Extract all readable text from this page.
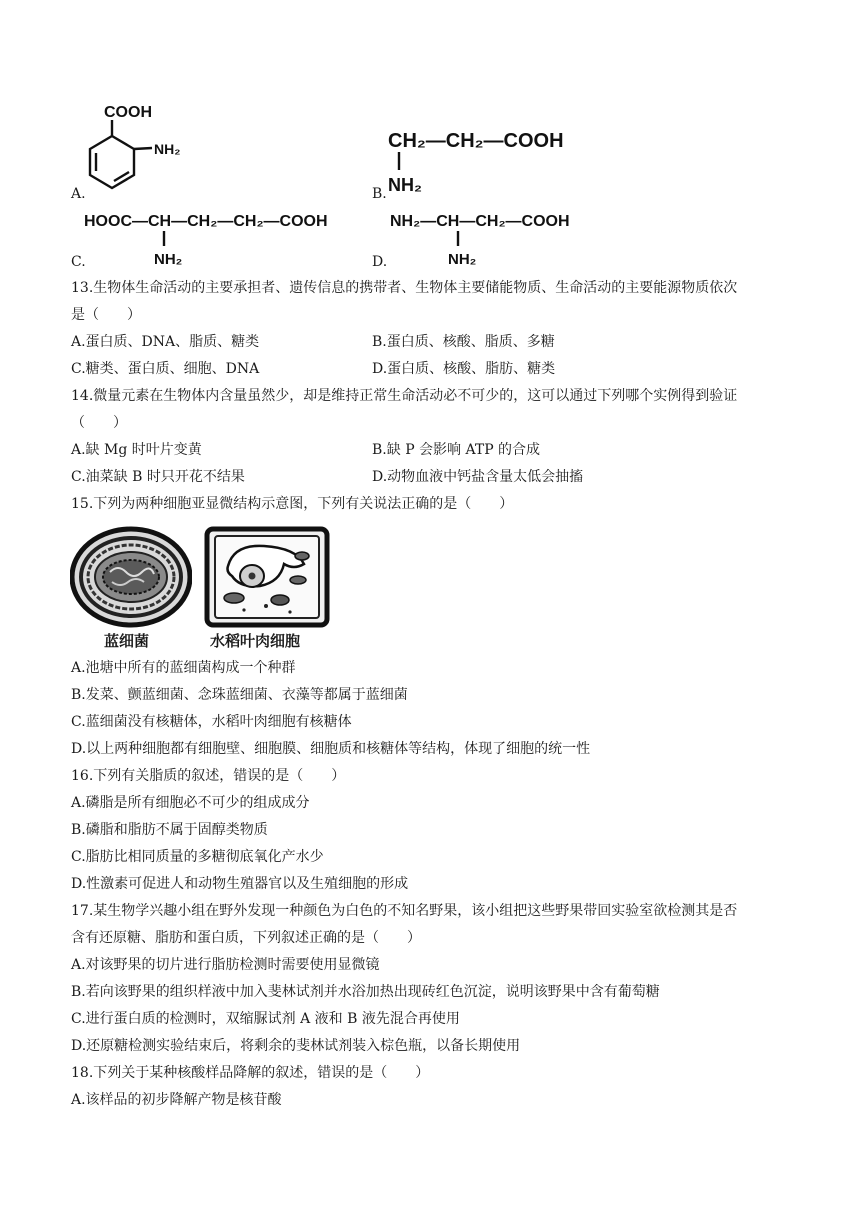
COOH
NH₂
A.
CH₂—CH₂—COOH
NH₂
B.
HOOC—CH—CH₂—CH₂—COOH
NH₂
C.
NH₂—CH—CH₂—COOH
NH₂
D.
13.生物体生命活动的主要承担者、遗传信息的携带者、生物体主要储能物质、生命活动的主要能源物质依次
是（　　）
A.蛋白质、DNA、脂质、糖类	B.蛋白质、核酸、脂质、多糖
C.糖类、蛋白质、细胞、DNA	D.蛋白质、核酸、脂肪、糖类
14.微量元素在生物体内含量虽然少，却是维持正常生命活动必不可少的，这可以通过下列哪个实例得到验证
（　　）
A.缺 Mg 时叶片变黄	B.缺 P 会影响 ATP 的合成
C.油菜缺 B 时只开花不结果	D.动物血液中钙盐含量太低会抽搐
15.下列为两种细胞亚显微结构示意图，下列有关说法正确的是（　　）
蓝细菌	水稻叶肉细胞
A.池塘中所有的蓝细菌构成一个种群
B.发菜、颤蓝细菌、念珠蓝细菌、衣藻等都属于蓝细菌
C.蓝细菌没有核糖体，水稻叶肉细胞有核糖体
D.以上两种细胞都有细胞壁、细胞膜、细胞质和核糖体等结构，体现了细胞的统一性
16.下列有关脂质的叙述，错误的是（　　）
A.磷脂是所有细胞必不可少的组成成分
B.磷脂和脂肪不属于固醇类物质
C.脂肪比相同质量的多糖彻底氧化产水少
D.性激素可促进人和动物生殖器官以及生殖细胞的形成
17.某生物学兴趣小组在野外发现一种颜色为白色的不知名野果，该小组把这些野果带回实验室欲检测其是否
含有还原糖、脂肪和蛋白质，下列叙述正确的是（　　）
A.对该野果的切片进行脂肪检测时需要使用显微镜
B.若向该野果的组织样液中加入斐林试剂并水浴加热出现砖红色沉淀，说明该野果中含有葡萄糖
C.进行蛋白质的检测时，双缩脲试剂 A 液和 B 液先混合再使用
D.还原糖检测实验结束后，将剩余的斐林试剂装入棕色瓶，以备长期使用
18.下列关于某种核酸样品降解的叙述，错误的是（　　）
A.该样品的初步降解产物是核苷酸
